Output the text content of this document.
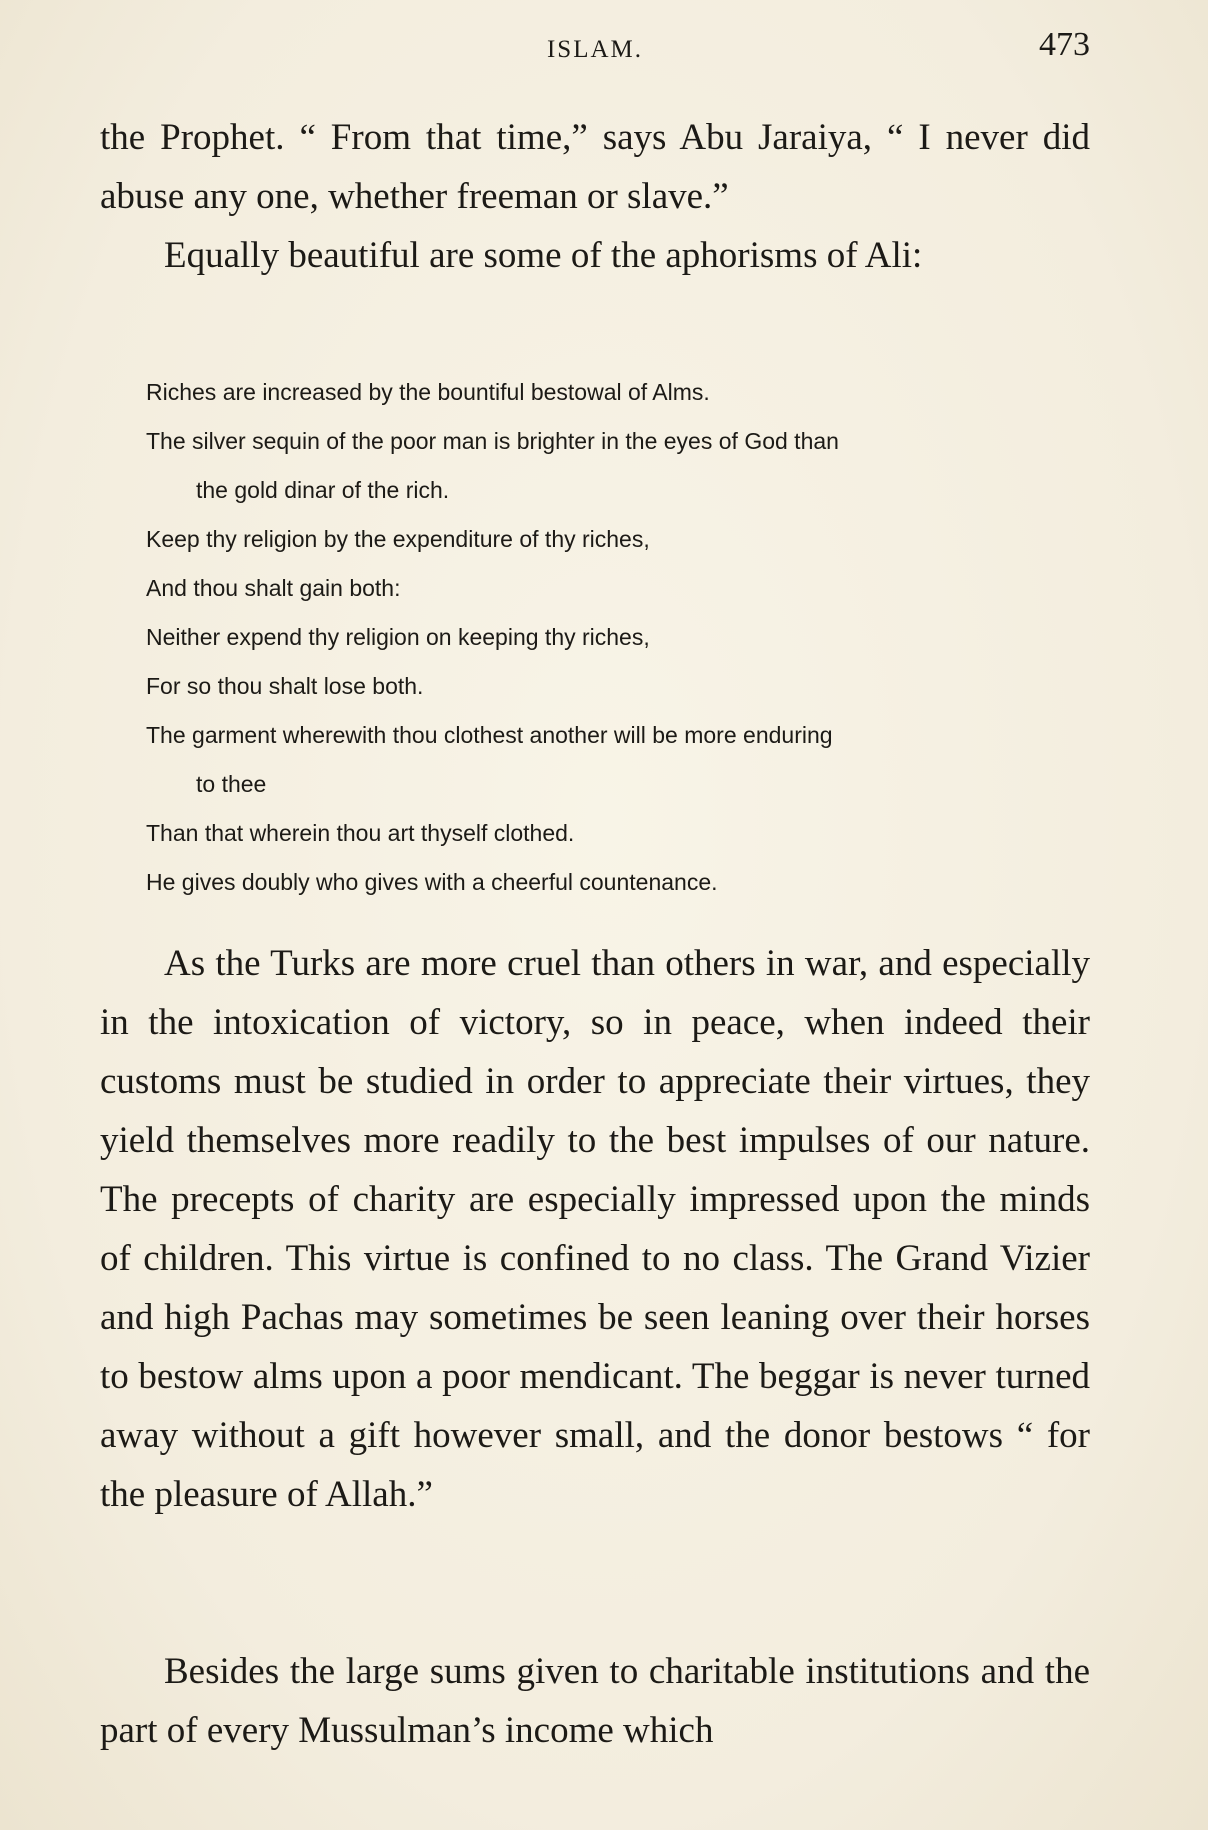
ISLAM.	473

the Prophet. “ From that time,” says Abu Jaraiya, “ I never did abuse any one, whether freeman or slave.”

Equally beautiful are some of the aphorisms of Ali:

Riches are increased by the bountiful bestowal of Alms.
The silver sequin of the poor man is brighter in the eyes of God than
the gold dinar of the rich.
Keep thy religion by the expenditure of thy riches,
And thou shalt gain both:
Neither expend thy religion on keeping thy riches,
For so thou shalt lose both.
The garment wherewith thou clothest another will be more enduring
to thee
Than that wherein thou art thyself clothed.
He gives doubly who gives with a cheerful countenance.

As the Turks are more cruel than others in war, and especially in the intoxication of victory, so in peace, when indeed their customs must be studied in order to appreciate their virtues, they yield themselves more readily to the best impulses of our nature. The precepts of charity are especially impressed upon the minds of children. This virtue is confined to no class. The Grand Vizier and high Pachas may sometimes be seen leaning over their horses to bestow alms upon a poor mendicant. The beggar is never turned away without a gift however small, and the donor bestows “ for the pleasure of Allah.”

Besides the large sums given to charitable institutions and the part of every Mussulman’s income which
